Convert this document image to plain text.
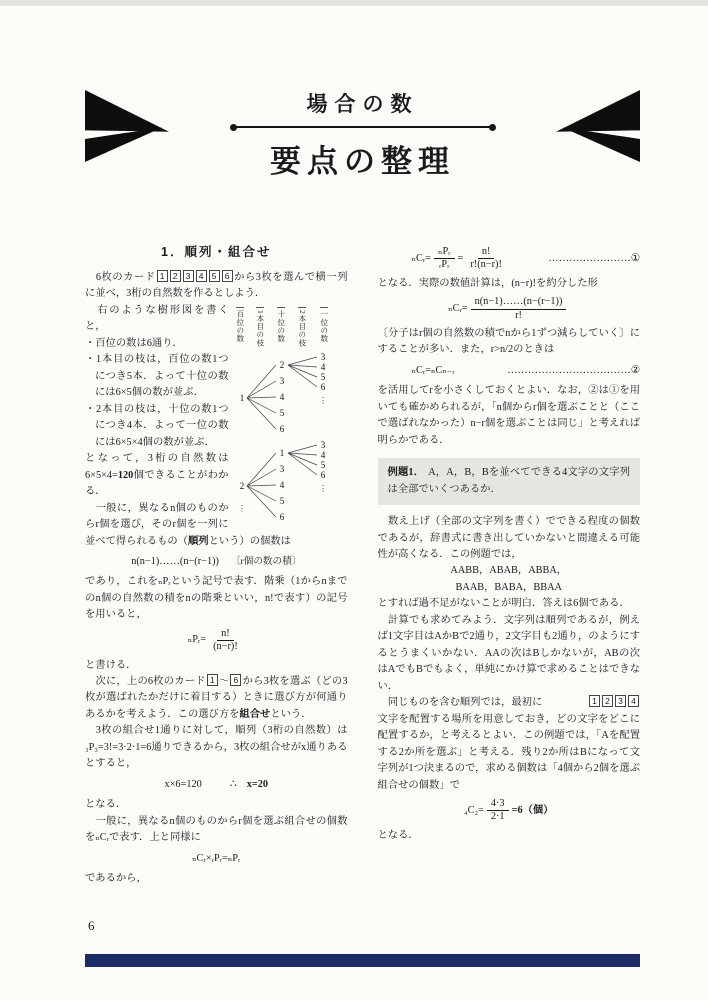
場合の数
要点の整理
1．順列・組合せ

　6枚のカード 1 2 3 4 5 6 から3枚を選んで横一列に並べ，3桁の自然数を作るとしよう．

百位の数 1本目の枝 十位の数 2本目の枝 一位の数
1
2
3
4
5
6
3
4
5
6
⋮
2
1
3
4
5
6
3
4
5
6
⋮
⋮

　右のような樹形図を書くと，

・百位の数は6通り．

・1本目の枝は，百位の数1つにつき5本．よって十位の数には6×5個の数が並ぶ．

・2本目の枝は，十位の数1つにつき4本．よって一位の数には6×5×4個の数が並ぶ．

となって，3桁の自然数は6×5×4=120個できることがわかる．

　一般に，異なるn個のものからr個を選び，そのr個を一列に並べて得られるもの（順列という）の個数は

n(n−1)……(n−(r−1)) 〔r個の数の積〕

であり，これをₙPᵣという記号で表す．階乗（1からnまでのn個の自然数の積をnの階乗といい，n!で表す）の記号を用いると，

ₙPᵣ= $\frac{n!}{(n-r)!}$

と書ける．

　次に，上の6枚のカード 1 ～ 6 から3枚を選ぶ（どの3枚が選ばれたかだけに着目する）ときに選び方が何通りあるかを考えよう．この選び方を組合せという．

　3枚の組合せ1通りに対して，順列（3桁の自然数）は₃P₃=3!=3·2·1=6通りできるから，3枚の組合せがx通りあるとすると，

x×6=120	∴　x=20

となる．

　一般に，異なるn個のものからr個を選ぶ組合せの個数をₙCᵣで表す．上と同様に

ₙCᵣ×ᵣPᵣ=ₙPᵣ

であるから，

ₙCᵣ= $\frac{\text{ₙPᵣ}}{\text{ᵣPᵣ}} = \frac{n!}{r!(n-r)!}$	…………………… ①

となる．実際の数値計算は，(n−r)!を約分した形

ₙCᵣ= $\frac{n(n-1)\dots\dots(n-(r-1))}{r!}$

〔分子はr個の自然数の積でnから1ずつ減らしていく〕にすることが多い．また，r>n/2のときは

ₙCᵣ=ₙCₙ₋ᵣ	……………………………… ②

を活用してrを小さくしておくとよい．なお，②は①を用いても確かめられるが，「n個からr個を選ぶことと（ここで選ばれなかった）n−r個を選ぶことは同じ」と考えれば明らかである．

例題1． A，A，B，Bを並べてできる4文字の文字列は全部でいくつあるか．

　数え上げ（全部の文字列を書く）でできる程度の個数であるが，辞書式に書き出していかないと間違える可能性が高くなる．この例題では，

AABB，ABAB，ABBA，

BAAB，BABA，BBAA

とすれば過不足がないことが明白．答えは6個である．

　計算でも求めてみよう．文字列は順列であるが，例えば1文字目はAかBで2通り，2文字目も2通り，のようにするとうまくいかない．AAの次はBしかないが，ABの次はAでもBでもよく，単純にかけ算で求めることはできない．

　同じものを含む順列では，最初に	1 2 3 4

文字を配置する場所を用意しておき，どの文字をどこに配置するか，と考えるとよい．この例題では，「Aを配置する2か所を選ぶ」と考える．残り2か所はBになって文字列が1つ決まるので，求める個数は「4個から2個を選ぶ組合せの個数」で

$_4C_2= \frac{4\cdot 3}{2\cdot 1} =6$（個）

となる．

6
